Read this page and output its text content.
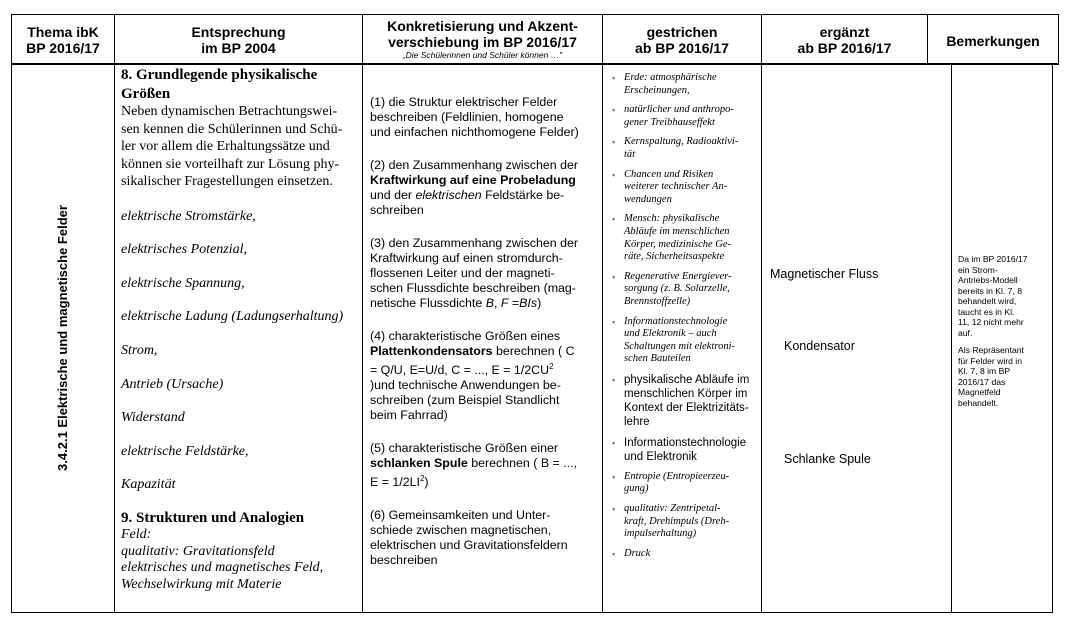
Thema ibK
BP 2016/17
Entsprechung
im BP 2004
Konkretisierung und Akzent-
verschiebung im BP 2016/17
„Die Schülerinnen und Schüler können …"
gestrichen
ab BP 2016/17
ergänzt
ab BP 2016/17	Bemerkungen
3.4.2.1 Elektrische und magnetische Felder
8. Grundlegende physikalische
Größen
Neben dynamischen Betrachtungswei-
sen kennen die Schülerinnen und Schü-
ler vor allem die Erhaltungssätze und
können sie vorteilhaft zur Lösung phy-
sikalischer Fragestellungen einsetzen.
elektrische Stromstärke,
elektrisches Potenzial,
elektrische Spannung,
elektrische Ladung (Ladungserhaltung)
Strom,
Antrieb (Ursache)
Widerstand
elektrische Feldstärke,
Kapazität
9. Strukturen und Analogien
Feld:
qualitativ: Gravitationsfeld
elektrisches und magnetisches Feld,
Wechselwirkung mit Materie

(1) die Struktur elektrischer Felder
beschreiben (Feldlinien, homogene
und einfachen nichthomogene Felder)

(2) den Zusammenhang zwischen der
Kraftwirkung auf eine Probeladung
und der elektrischen Feldstärke be-
schreiben

(3) den Zusammenhang zwischen der
Kraftwirkung auf einen stromdurch-
flossenen Leiter und der magneti-
schen Flussdichte beschreiben (mag-
netische Flussdichte B, F =BIs)

(4) charakteristische Größen eines
Plattenkondensators berechnen ( C
= Q/U, E=U/d, C = ..., $E = 1/2CU^2$
)und technische Anwendungen be-
schreiben (zum Beispiel Standlicht
beim Fahrrad)

(5) charakteristische Größen einer
schlanken Spule berechnen ( B = ...,
$E = 1/2LI^2$)

(6) Gemeinsamkeiten und Unter-
schiede zwischen magnetischen,
elektrischen und Gravitationsfeldern
beschreiben

▪ Erde: atmosphärische
Erscheinungen,
▪ natürlicher und anthropo-
gener Treibhauseffekt
▪ Kernspaltung, Radioaktivi-
tät
▪ Chancen und Risiken
weiterer technischer An-
wendungen
▪ Mensch: physikalische
Abläufe im menschlichen
Körper, medizinische Ge-
räte, Sicherheitsaspekte
▪ Regenerative Energiever-
sorgung (z. B. Solarzelle,
Brennstoffzelle)
▪ Informationstechnologie
und Elektronik – auch
Schaltungen mit elektroni-
schen Bauteilen
▪ physikalische Abläufe im
menschlichen Körper im
Kontext der Elektrizitäts-
lehre
▪ Informationstechnologie
und Elektronik
▪ Entropie (Entropieerzeu-
gung)
▪ qualitativ: Zentripetal-
kraft, Drehimpuls (Dreh-
impulserhaltung)
▪ Druck
Magnetischer Fluss
Kondensator
Schlanke Spule
Da im BP 2016/17
ein Strom-
Antriebs-Modell
bereits in Kl. 7, 8
behandelt wird,
taucht es in Kl.
11, 12 nicht mehr
auf.
Als Repräsentant
für Felder wird in
Kl. 7, 8 im BP
2016/17 das
Magnetfeld
behandelt.
